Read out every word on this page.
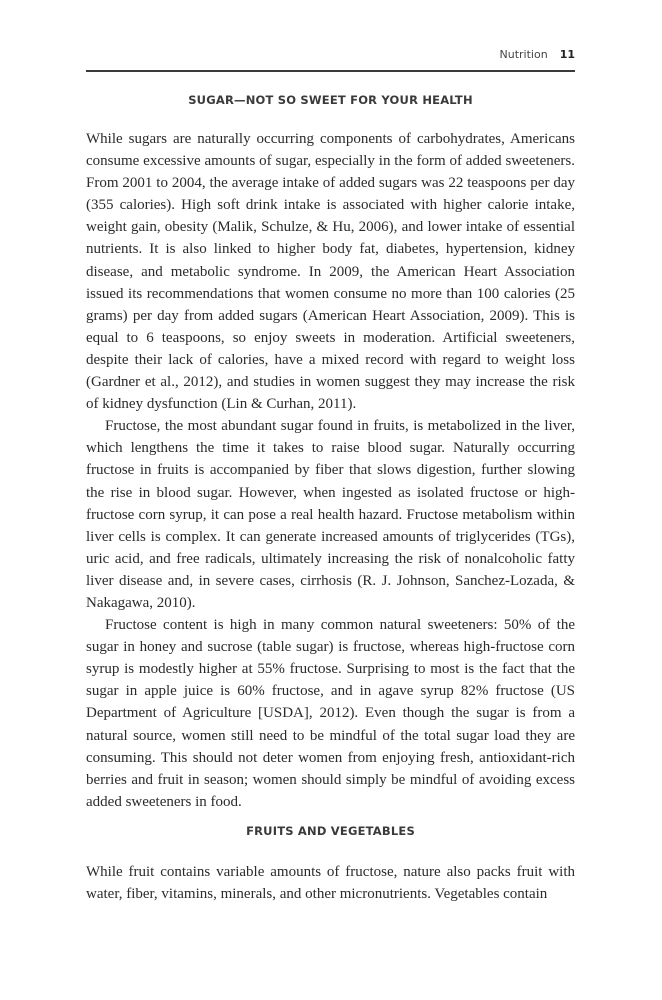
Nutrition 11
SUGAR—NOT SO SWEET FOR YOUR HEALTH

While sugars are naturally occurring components of carbohydrates, Americans consume excessive amounts of sugar, especially in the form of added sweeteners. From 2001 to 2004, the average intake of added sugars was 22 teaspoons per day (355 calories). High soft drink intake is associated with higher calorie intake, weight gain, obesity (Malik, Schulze, & Hu, 2006), and lower intake of essential nutrients. It is also linked to higher body fat, diabetes, hypertension, kidney disease, and metabolic syndrome. In 2009, the American Heart Association issued its recommendations that women consume no more than 100 calories (25 grams) per day from added sugars (American Heart Association, 2009). This is equal to 6 teaspoons, so enjoy sweets in moderation. Artificial sweeteners, despite their lack of calories, have a mixed record with regard to weight loss (Gardner et al., 2012), and studies in women suggest they may increase the risk of kidney dysfunction (Lin & Curhan, 2011).

Fructose, the most abundant sugar found in fruits, is metabolized in the liver, which lengthens the time it takes to raise blood sugar. Naturally occurring fructose in fruits is accompanied by fiber that slows digestion, further slowing the rise in blood sugar. However, when ingested as isolated fructose or high-fructose corn syrup, it can pose a real health hazard. Fructose metabolism within liver cells is complex. It can generate increased amounts of triglycerides (TGs), uric acid, and free radicals, ultimately increasing the risk of nonalcoholic fatty liver disease and, in severe cases, cirrhosis (R. J. Johnson, Sanchez-Lozada, & Nakagawa, 2010).

Fructose content is high in many common natural sweeteners: 50% of the sugar in honey and sucrose (table sugar) is fructose, whereas high-fructose corn syrup is modestly higher at 55% fructose. Surprising to most is the fact that the sugar in apple juice is 60% fructose, and in agave syrup 82% fructose (US Department of Agriculture [USDA], 2012). Even though the sugar is from a natural source, women still need to be mindful of the total sugar load they are consuming. This should not deter women from enjoying fresh, antioxidant-rich berries and fruit in season; women should simply be mindful of avoiding excess added sweeteners in food.

FRUITS AND VEGETABLES

While fruit contains variable amounts of fructose, nature also packs fruit with water, fiber, vitamins, minerals, and other micronutrients. Vegetables contain
